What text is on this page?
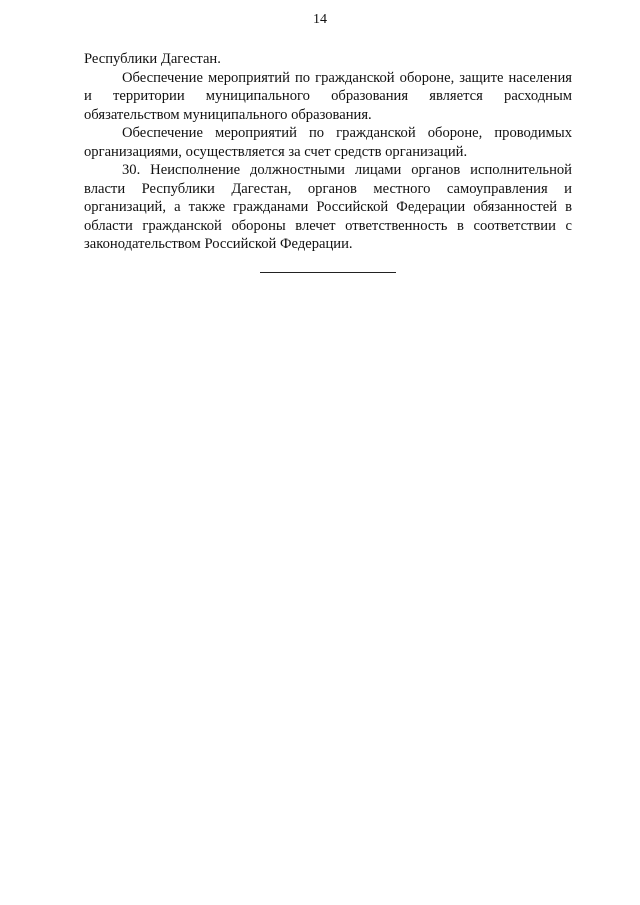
14
Республики Дагестан.
Обеспечение мероприятий по гражданской обороне, защите населения
и территории муниципального образования является расходным
обязательством муниципального образования.
Обеспечение мероприятий по гражданской обороне, проводимых
организациями, осуществляется за счет средств организаций.
30. Неисполнение должностными лицами органов исполнительной
власти Республики Дагестан, органов местного самоуправления и
организаций, а также гражданами Российской Федерации обязанностей в
области гражданской обороны влечет ответственность в соответствии с
законодательством Российской Федерации.
